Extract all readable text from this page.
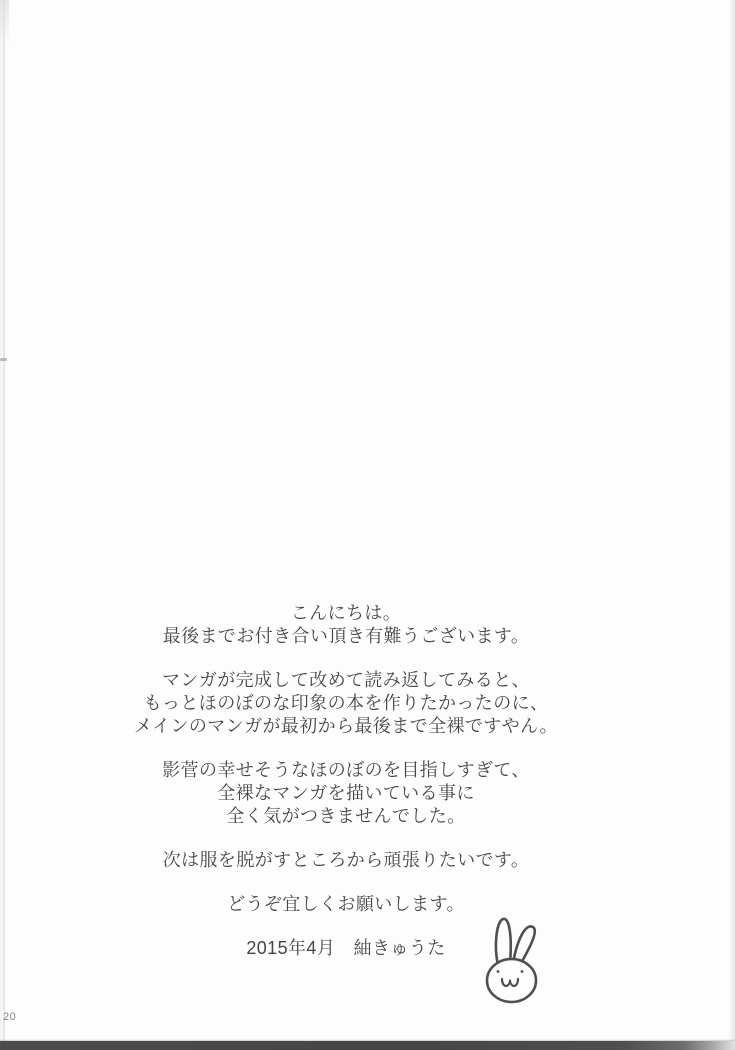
20
こんにちは。
最後までお付き合い頂き有難うございます。
マンガが完成して改めて読み返してみると、
もっとほのぼのな印象の本を作りたかったのに、
メインのマンガが最初から最後まで全裸ですやん。
影菅の幸せそうなほのぼのを目指しすぎて、
全裸なマンガを描いている事に
全く気がつきませんでした。
次は服を脱がすところから頑張りたいです。
どうぞ宜しくお願いします。
2015年4月　紬きゅうた
